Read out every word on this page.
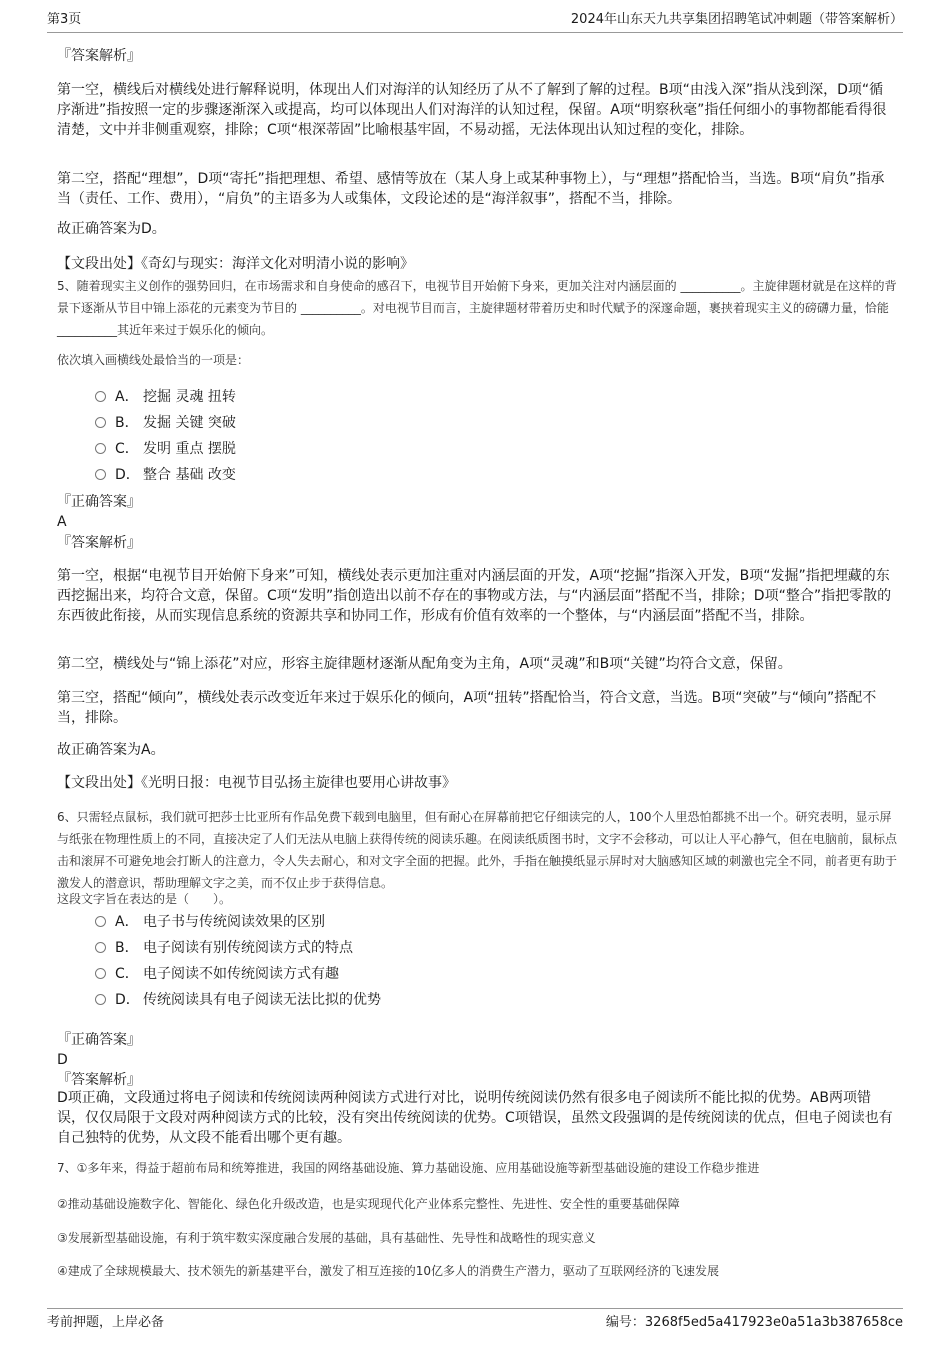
第3页	2024年山东天九共享集团招聘笔试冲刺题（带答案解析）

『答案解析』

第一空，横线后对横线处进行解释说明，体现出人们对海洋的认知经历了从不了解到了解的过程。B项“由浅入深”指从浅到深，D项“循序渐进”指按照一定的步骤逐渐深入或提高，均可以体现出人们对海洋的认知过程，保留。A项“明察秋毫”指任何细小的事物都能看得很清楚，文中并非侧重观察，排除；C项“根深蒂固”比喻根基牢固，不易动摇，无法体现出认知过程的变化，排除。

第二空，搭配“理想”，D项“寄托”指把理想、希望、感情等放在（某人身上或某种事物上），与“理想”搭配恰当，当选。B项“肩负”指承当（责任、工作、费用），“肩负”的主语多为人或集体，文段论述的是“海洋叙事”，搭配不当，排除。

故正确答案为D。

【文段出处】《奇幻与现实：海洋文化对明清小说的影响》

5、随着现实主义创作的强势回归，在市场需求和自身使命的感召下，电视节目开始俯下身来，更加关注对内涵层面的 __________。主旋律题材就是在这样的背景下逐渐从节目中锦上添花的元素变为节目的 __________。对电视节目而言，主旋律题材带着历史和时代赋予的深邃命题，裹挟着现实主义的磅礴力量，恰能 __________其近年来过于娱乐化的倾向。

依次填入画横线处最恰当的一项是：

A． 挖掘 灵魂 扭转
B． 发掘 关键 突破
C． 发明 重点 摆脱
D． 整合 基础 改变

『正确答案』

A

『答案解析』

第一空，根据“电视节目开始俯下身来”可知，横线处表示更加注重对内涵层面的开发，A项“挖掘”指深入开发，B项“发掘”指把埋藏的东西挖掘出来，均符合文意，保留。C项“发明”指创造出以前不存在的事物或方法，与“内涵层面”搭配不当，排除；D项“整合”指把零散的东西彼此衔接，从而实现信息系统的资源共享和协同工作，形成有价值有效率的一个整体，与“内涵层面”搭配不当，排除。

第二空，横线处与“锦上添花”对应，形容主旋律题材逐渐从配角变为主角，A项“灵魂”和B项“关键”均符合文意，保留。

第三空，搭配“倾向”，横线处表示改变近年来过于娱乐化的倾向，A项“扭转”搭配恰当，符合文意，当选。B项“突破”与“倾向”搭配不当，排除。

故正确答案为A。

【文段出处】《光明日报：电视节目弘扬主旋律也要用心讲故事》

6、只需轻点鼠标，我们就可把莎士比亚所有作品免费下载到电脑里，但有耐心在屏幕前把它仔细读完的人，100个人里恐怕都挑不出一个。研究表明，显示屏与纸张在物理性质上的不同，直接决定了人们无法从电脑上获得传统的阅读乐趣。在阅读纸质图书时，文字不会移动，可以让人平心静气，但在电脑前，鼠标点击和滚屏不可避免地会打断人的注意力，令人失去耐心，和对文字全面的把握。此外，手指在触摸纸显示屏时对大脑感知区域的刺激也完全不同，前者更有助于激发人的潜意识，帮助理解文字之美，而不仅止步于获得信息。

这段文字旨在表达的是（　　）。

A． 电子书与传统阅读效果的区别
B． 电子阅读有别传统阅读方式的特点
C． 电子阅读不如传统阅读方式有趣
D． 传统阅读具有电子阅读无法比拟的优势

『正确答案』

D

『答案解析』

D项正确，文段通过将电子阅读和传统阅读两种阅读方式进行对比，说明传统阅读仍然有很多电子阅读所不能比拟的优势。AB两项错误，仅仅局限于文段对两种阅读方式的比较，没有突出传统阅读的优势。C项错误，虽然文段强调的是传统阅读的优点，但电子阅读也有自己独特的优势，从文段不能看出哪个更有趣。

7、①多年来，得益于超前布局和统筹推进，我国的网络基础设施、算力基础设施、应用基础设施等新型基础设施的建设工作稳步推进

②推动基础设施数字化、智能化、绿色化升级改造，也是实现现代化产业体系完整性、先进性、安全性的重要基础保障

③发展新型基础设施，有利于筑牢数实深度融合发展的基础，具有基础性、先导性和战略性的现实意义

④建成了全球规模最大、技术领先的新基建平台，激发了相互连接的10亿多人的消费生产潜力，驱动了互联网经济的飞速发展

考前押题，上岸必备	编号：3268f5ed5a417923e0a51a3b387658ce
